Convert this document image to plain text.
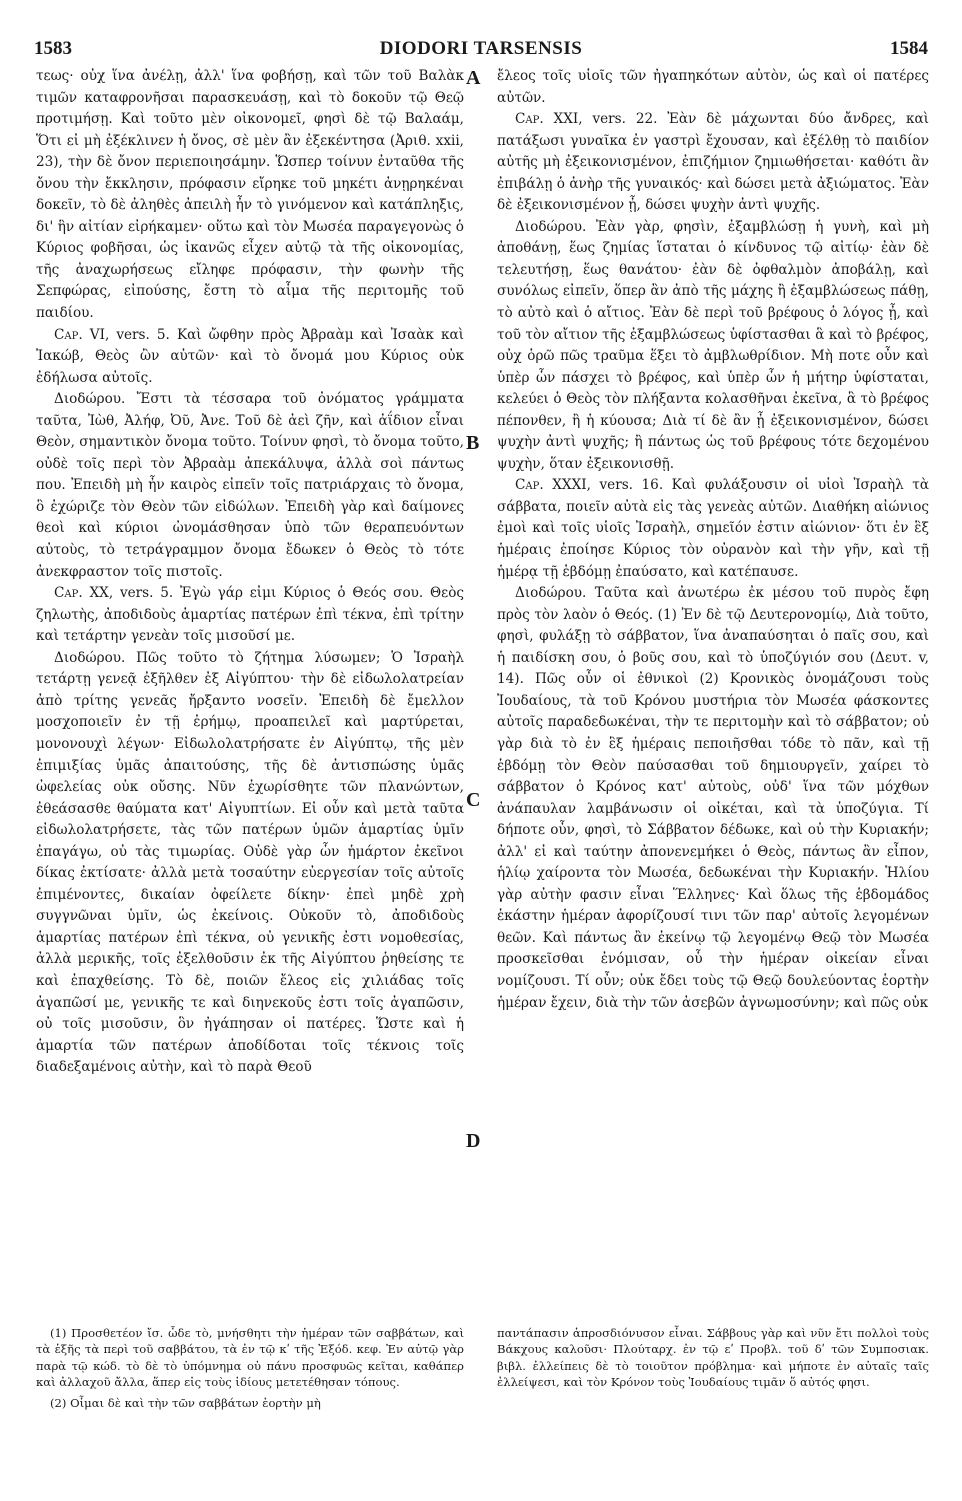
1583	DIODORI TARSENSIS	1584
A
B
C
D

τεως· οὐχ ἵνα ἀνέλῃ, ἀλλ' ἵνα φοβήσῃ, καὶ τῶν τοῦ Βαλὰκ τιμῶν καταφρονῆσαι παρασκευάσῃ, καὶ τὸ δοκοῦν τῷ Θεῷ προτιμήσῃ. Καὶ τοῦτο μὲν οἰκονομεῖ, φησὶ δὲ τῷ Βαλαάμ, Ὅτι εἰ μὴ ἐξέκλινεν ἡ ὄνος, σὲ μὲν ἂν ἐξεκέντησα (Ἀριθ. xxii, 23), τὴν δὲ ὄνον περιεποιησάμην. Ὥσπερ τοίνυν ἐνταῦθα τῆς ὄνου τὴν ἔκκλησιν, πρόφασιν εἴρηκε τοῦ μηκέτι ἀνῃρηκέναι δοκεῖν, τὸ δὲ ἀληθὲς ἀπειλὴ ἦν τὸ γινόμενον καὶ κατάπληξις, δι' ἣν αἰτίαν εἰρήκαμεν· οὕτω καὶ τὸν Μωσέα παραγεγονὼς ὁ Κύριος φοβῆσαι, ὡς ἱκανῶς εἶχεν αὐτῷ τὰ τῆς οἰκονομίας, τῆς ἀναχωρήσεως εἴληφε πρόφασιν, τὴν φωνὴν τῆς Σεπφώρας, εἰπούσης, ἔστη τὸ αἷμα τῆς περιτομῆς τοῦ παιδίου.

Cap. VI, vers. 5. Καὶ ὤφθην πρὸς Ἀβραὰμ καὶ Ἰσαὰκ καὶ Ἰακώβ, Θεὸς ὢν αὐτῶν· καὶ τὸ ὄνομά μου Κύριος οὐκ ἐδήλωσα αὐτοῖς.

Διοδώρου. Ἔστι τὰ τέσσαρα τοῦ ὀνόματος γράμματα ταῦτα, Ἰὼθ, Ἀλήφ, Ὀῦ, Ἀνε. Τοῦ δὲ ἀεὶ ζῆν, καὶ ἀΐδιον εἶναι Θεὸν, σημαντικὸν ὄνομα τοῦτο. Τοίνυν φησὶ, τὸ ὄνομα τοῦτο, οὐδὲ τοῖς περὶ τὸν Ἀβραὰμ ἀπεκάλυψα, ἀλλὰ σοὶ πάντως που. Ἐπειδὴ μὴ ἦν καιρὸς εἰπεῖν τοῖς πατριάρχαις τὸ ὄνομα, ὃ ἐχώριζε τὸν Θεὸν τῶν εἰδώλων. Ἐπειδὴ γὰρ καὶ δαίμονες θεοὶ καὶ κύριοι ὠνομάσθησαν ὑπὸ τῶν θεραπευόντων αὐτοὺς, τὸ τετράγραμμον ὄνομα ἔδωκεν ὁ Θεὸς τὸ τότε ἀνεκφραστον τοῖς πιστοῖς.

Cap. XX, vers. 5. Ἐγὼ γάρ εἰμι Κύριος ὁ Θεός σου. Θεὸς ζηλωτὴς, ἀποδιδοὺς ἁμαρτίας πατέρων ἐπὶ τέκνα, ἐπὶ τρίτην καὶ τετάρτην γενεὰν τοῖς μισοῦσί με.

Διοδώρου. Πῶς τοῦτο τὸ ζήτημα λύσωμεν; Ὁ Ἰσραὴλ τετάρτῃ γενεᾷ ἐξῆλθεν ἐξ Αἰγύπτου· τὴν δὲ εἰδωλολατρείαν ἀπὸ τρίτης γενεᾶς ἤρξαντο νοσεῖν. Ἐπειδὴ δὲ ἔμελλον μοσχοποιεῖν ἐν τῇ ἐρήμῳ, προαπειλεῖ καὶ μαρτύρεται, μονονουχὶ λέγων· Εἰδωλολατρήσατε ἐν Αἰγύπτῳ, τῆς μὲν ἐπιμιξίας ὑμᾶς ἀπαιτούσης, τῆς δὲ ἀντισπώσης ὑμᾶς ὠφελείας οὐκ οὔσης. Νῦν ἐχωρίσθητε τῶν πλανώντων, ἐθεάσασθε θαύματα κατ' Αἰγυπτίων. Εἰ οὖν καὶ μετὰ ταῦτα εἰδωλολατρήσετε, τὰς τῶν πατέρων ὑμῶν ἁμαρτίας ὑμῖν ἐπαγάγω, οὐ τὰς τιμωρίας. Οὐδὲ γὰρ ὧν ἡμάρτον ἐκεῖνοι δίκας ἐκτίσατε· ἀλλὰ μετὰ τοσαύτην εὐεργεσίαν τοῖς αὐτοῖς ἐπιμένοντες, δικαίαν ὀφείλετε δίκην· ἐπεὶ μηδὲ χρὴ συγγνῶναι ὑμῖν, ὡς ἐκείνοις. Οὐκοῦν τὸ, ἀποδιδοὺς ἁμαρτίας πατέρων ἐπὶ τέκνα, οὐ γενικῆς ἐστι νομοθεσίας, ἀλλὰ μερικῆς, τοῖς ἐξελθοῦσιν ἐκ τῆς Αἰγύπτου ῥηθείσης τε καὶ ἐπαχθείσης. Τὸ δὲ, ποιῶν ἔλεος εἰς χιλιάδας τοῖς ἀγαπῶσί με, γενικῆς τε καὶ διηνεκοῦς ἐστι τοῖς ἀγαπῶσιν, οὐ τοῖς μισοῦσιν, ὃν ἠγάπησαν οἱ πατέρες. Ὥστε καὶ ἡ ἁμαρτία τῶν πατέρων ἀποδίδοται τοῖς τέκνοις τοῖς διαδεξαμένοις αὐτὴν, καὶ τὸ παρὰ Θεοῦ

ἔλεος τοῖς υἱοῖς τῶν ἠγαπηκότων αὐτὸν, ὡς καὶ οἱ πατέρες αὐτῶν.

Cap. XXI, vers. 22. Ἐὰν δὲ μάχωνται δύο ἄνδρες, καὶ πατάξωσι γυναῖκα ἐν γαστρὶ ἔχουσαν, καὶ ἐξέλθῃ τὸ παιδίον αὐτῆς μὴ ἐξεικονισμένον, ἐπιζήμιον ζημιωθήσεται· καθότι ἂν ἐπιβάλῃ ὁ ἀνὴρ τῆς γυναικός· καὶ δώσει μετὰ ἀξιώματος. Ἐὰν δὲ ἐξεικονισμένον ᾖ, δώσει ψυχὴν ἀντὶ ψυχῆς.

Διοδώρου. Ἐὰν γὰρ, φησὶν, ἐξαμβλώσῃ ἡ γυνὴ, καὶ μὴ ἀποθάνῃ, ἕως ζημίας ἵσταται ὁ κίνδυνος τῷ αἰτίῳ· ἐὰν δὲ τελευτήσῃ, ἕως θανάτου· ἐὰν δὲ ὀφθαλμὸν ἀποβάλῃ, καὶ συνόλως εἰπεῖν, ὅπερ ἂν ἀπὸ τῆς μάχης ἢ ἐξαμβλώσεως πάθῃ, τὸ αὐτὸ καὶ ὁ αἴτιος. Ἐὰν δὲ περὶ τοῦ βρέφους ὁ λόγος ᾖ, καὶ τοῦ τὸν αἴτιον τῆς ἐξαμβλώσεως ὑφίστασθαι ἃ καὶ τὸ βρέφος, οὐχ ὁρῶ πῶς τραῦμα ἕξει τὸ ἀμβλωθρίδιον. Μὴ ποτε οὖν καὶ ὑπὲρ ὧν πάσχει τὸ βρέφος, καὶ ὑπὲρ ὧν ἡ μήτηρ ὑφίσταται, κελεύει ὁ Θεὸς τὸν πλήξαντα κολασθῆναι ἐκεῖνα, ἃ τὸ βρέφος πέπονθεν, ἢ ἡ κύουσα; Διὰ τί δὲ ἂν ᾖ ἐξεικονισμένον, δώσει ψυχὴν ἀντὶ ψυχῆς; ἢ πάντως ὡς τοῦ βρέφους τότε δεχομένου ψυχὴν, ὅταν ἐξεικονισθῇ.

Cap. XXXI, vers. 16. Καὶ φυλάξουσιν οἱ υἱοὶ Ἰσραὴλ τὰ σάββατα, ποιεῖν αὐτὰ εἰς τὰς γενεὰς αὐτῶν. Διαθήκη αἰώνιος ἐμοὶ καὶ τοῖς υἱοῖς Ἰσραὴλ, σημεῖόν ἐστιν αἰώνιον· ὅτι ἐν ἓξ ἡμέραις ἐποίησε Κύριος τὸν οὐρανὸν καὶ τὴν γῆν, καὶ τῇ ἡμέρᾳ τῇ ἑβδόμῃ ἐπαύσατο, καὶ κατέπαυσε.

Διοδώρου. Ταῦτα καὶ ἀνωτέρω ἐκ μέσου τοῦ πυρὸς ἔφη πρὸς τὸν λαὸν ὁ Θεός. (1) Ἐν δὲ τῷ Δευτερονομίῳ, Διὰ τοῦτο, φησὶ, φυλάξῃ τὸ σάββατον, ἵνα ἀναπαύσηται ὁ παῖς σου, καὶ ἡ παιδίσκη σου, ὁ βοῦς σου, καὶ τὸ ὑποζύγιόν σου (Δευτ. v, 14). Πῶς οὖν οἱ ἐθνικοὶ (2) Κρονικὸς ὀνομάζουσι τοὺς Ἰουδαίους, τὰ τοῦ Κρόνου μυστήρια τὸν Μωσέα φάσκοντες αὐτοῖς παραδεδωκέναι, τὴν τε περιτομὴν καὶ τὸ σάββατον; οὐ γὰρ διὰ τὸ ἐν ἓξ ἡμέραις πεποιῆσθαι τόδε τὸ πᾶν, καὶ τῇ ἑβδόμῃ τὸν Θεὸν παύσασθαι τοῦ δημιουργεῖν, χαίρει τὸ σάββατον ὁ Κρόνος κατ' αὐτοὺς, οὐδ' ἵνα τῶν μόχθων ἀνάπαυλαν λαμβάνωσιν οἱ οἰκέται, καὶ τὰ ὑποζύγια. Τί δήποτε οὖν, φησὶ, τὸ Σάββατον δέδωκε, καὶ οὐ τὴν Κυριακήν; ἀλλ' εἰ καὶ ταύτην ἀπονενεμήκει ὁ Θεὸς, πάντως ἂν εἶπον, ἡλίῳ χαίροντα τὸν Μωσέα, δεδωκέναι τὴν Κυριακήν. Ἡλίου γὰρ αὐτὴν φασιν εἶναι Ἕλληνες· Καὶ ὅλως τῆς ἑβδομάδος ἑκάστην ἡμέραν ἀφορίζουσί τινι τῶν παρ' αὐτοῖς λεγομένων θεῶν. Καὶ πάντως ἂν ἐκείνῳ τῷ λεγομένῳ Θεῷ τὸν Μωσέα προσκεῖσθαι ἐνόμισαν, οὗ τὴν ἡμέραν οἰκείαν εἶναι νομίζουσι. Τί οὖν; οὐκ ἔδει τοὺς τῷ Θεῷ δουλεύοντας ἑορτὴν ἡμέραν ἔχειν, διὰ τὴν τῶν ἀσεβῶν ἀγνωμοσύνην; καὶ πῶς οὐκ

(1) Προσθετέον ἴσ. ὧδε τὸ, μνήσθητι τὴν ἡμέραν τῶν σαββάτων, καὶ τὰ ἑξῆς τὰ περὶ τοῦ σαββάτου, τὰ ἐν τῷ κʹ τῆς Ἐξόδ. κεφ. Ἐν αὐτῷ γὰρ παρὰ τῷ κώδ. τὸ δὲ τὸ ὑπόμνημα οὐ πάνυ προσφυῶς κεῖται, καθάπερ καὶ ἀλλαχοῦ ἄλλα, ἅπερ εἰς τοὺς ἰδίους μετετέθησαν τόπους.

(2) Οἶμαι δὲ καὶ τὴν τῶν σαββάτων ἑορτὴν μὴ

παντάπασιν ἀπροσδιόνυσον εἶναι. Σάββους γὰρ καὶ νῦν ἔτι πολλοὶ τοὺς Βάκχους καλοῦσι· Πλούταρχ. ἐν τῷ εʹ Προβλ. τοῦ δʹ τῶν Συμποσιακ. βιβλ. ἐλλείπεις δὲ τὸ τοιοῦτον πρόβλημα· καὶ μήποτε ἐν αὐταῖς ταῖς ἐλλείψεσι, καὶ τὸν Κρόνον τοὺς Ἰουδαίους τιμᾶν ὅ αὐτός φησι.
